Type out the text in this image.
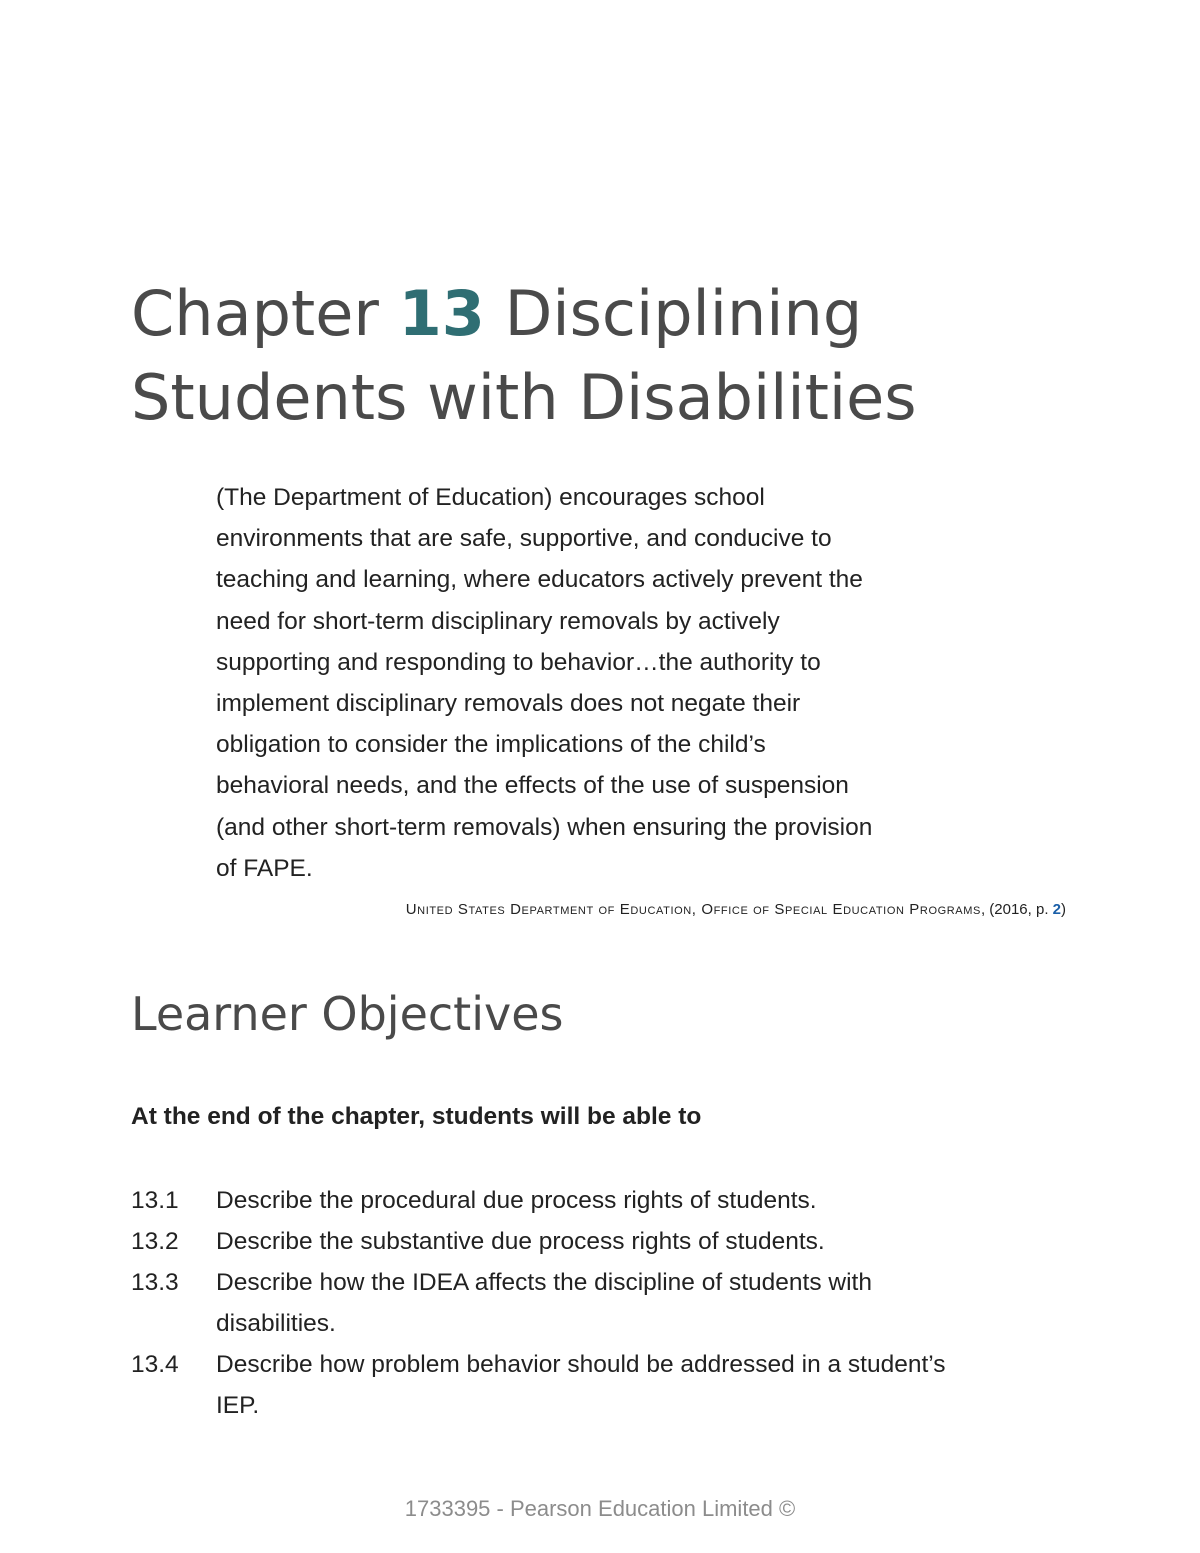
Chapter 13 Disciplining
Students with Disabilities
(The Department of Education) encourages school
environments that are safe, supportive, and conducive to
teaching and learning, where educators actively prevent the
need for short-term disciplinary removals by actively
supporting and responding to behavior…the authority to
implement disciplinary removals does not negate their
obligation to consider the implications of the child’s
behavioral needs, and the effects of the use of suspension
(and other short-term removals) when ensuring the provision
of FAPE.

United States Department of Education, Office of Special Education Programs, (2016, p. 2)

Learner Objectives

At the end of the chapter, students will be able to

13.1	Describe the procedural due process rights of students.
13.2	Describe the substantive due process rights of students.
13.3	Describe how the IDEA affects the discipline of students with
disabilities.
13.4	Describe how problem behavior should be addressed in a student’s
IEP.

1733395 - Pearson Education Limited ©
